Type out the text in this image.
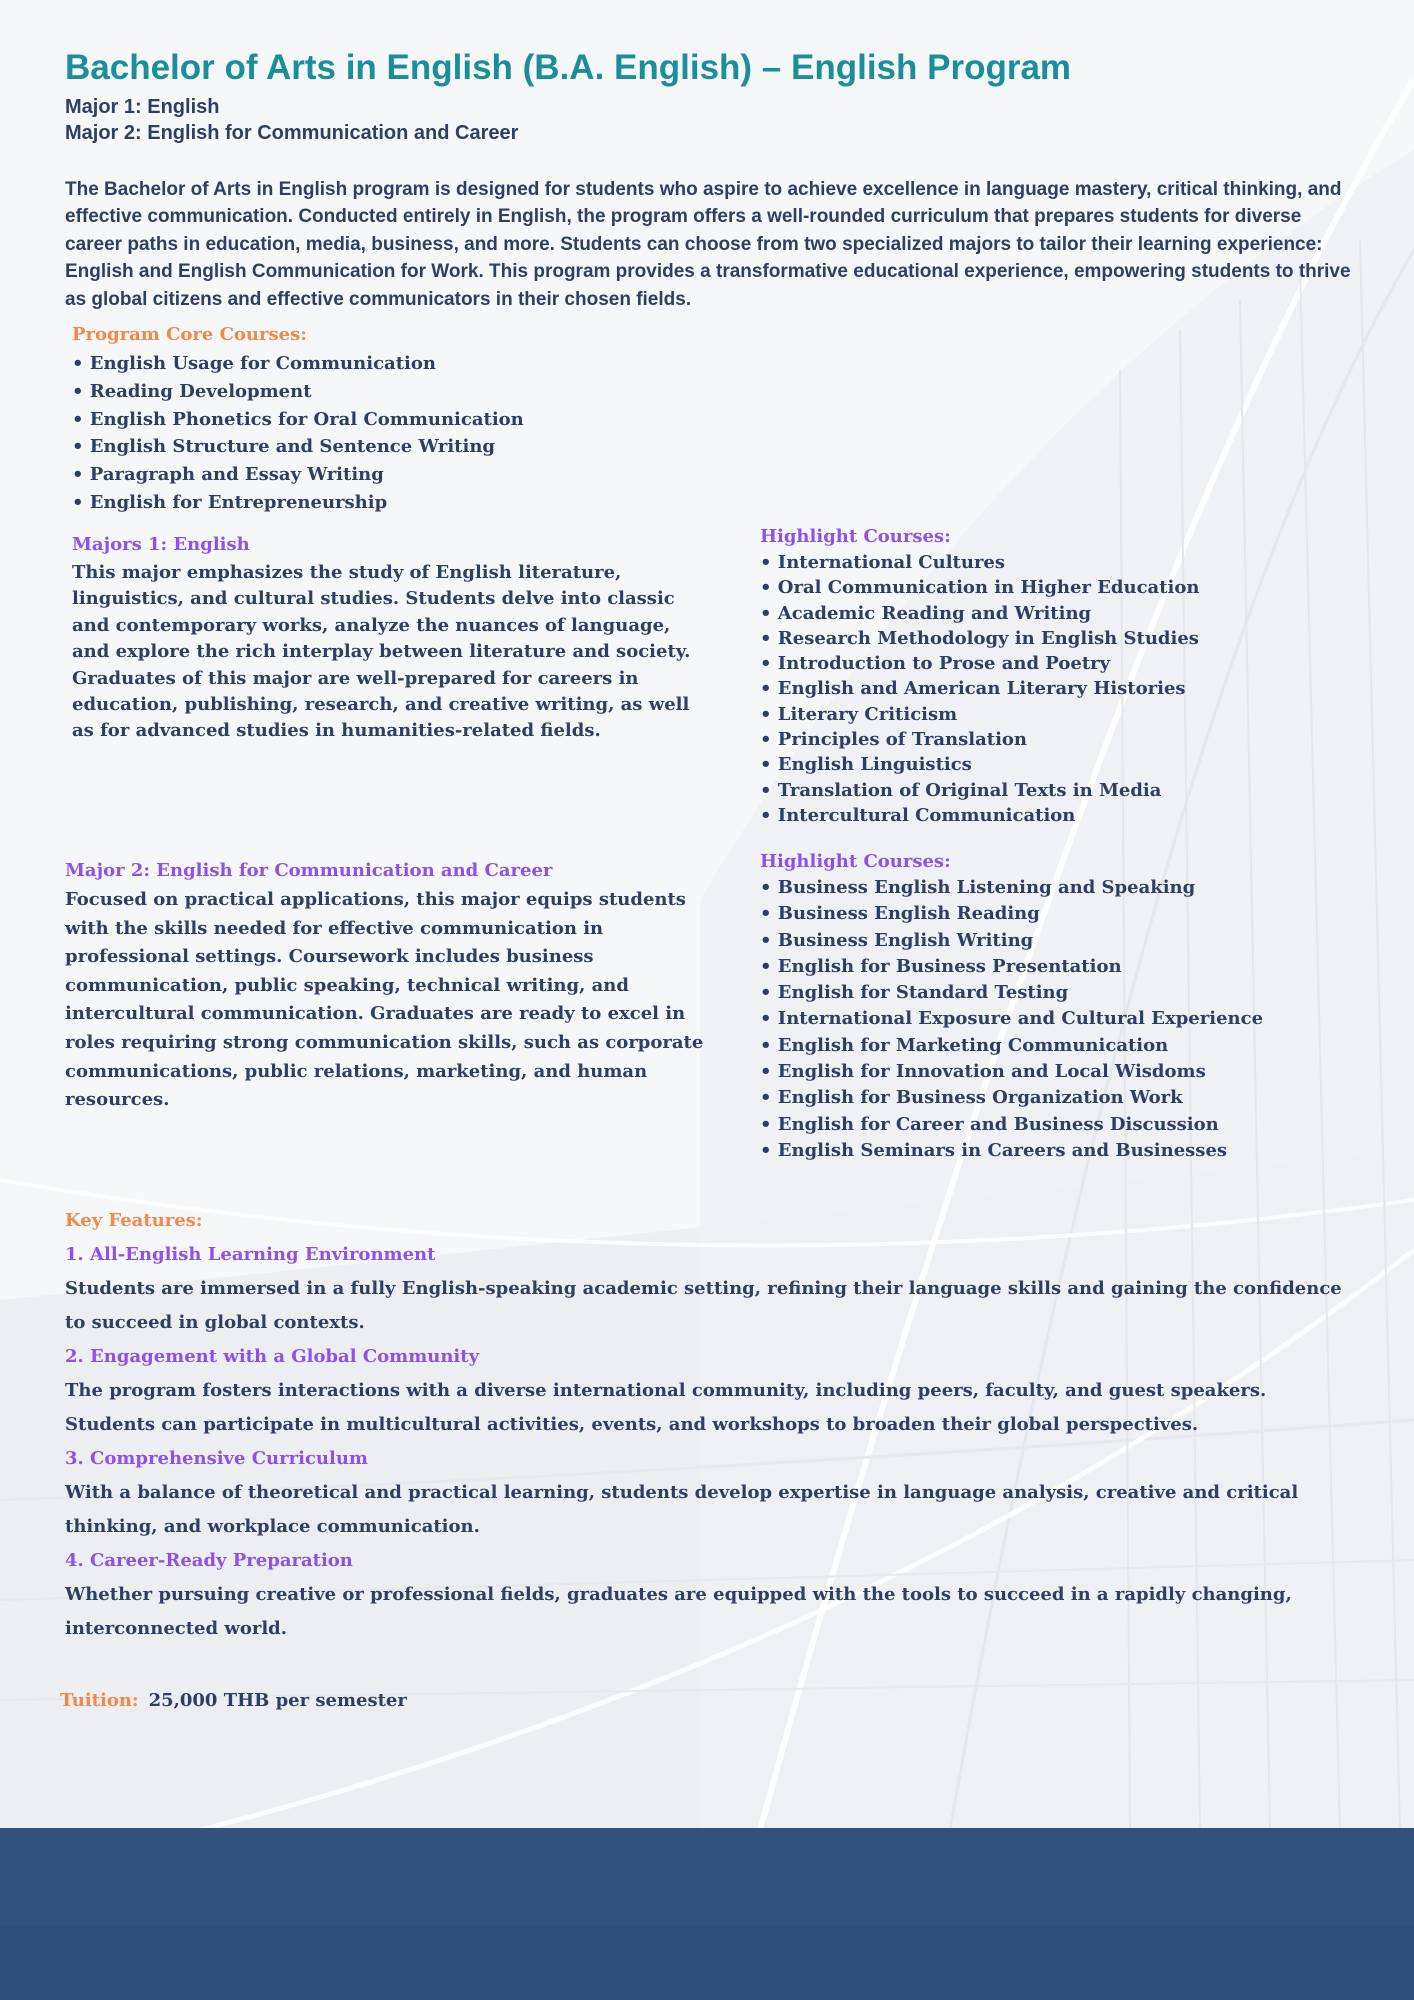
Bachelor of Arts in English (B.A. English) – English Program
Major 1: English
Major 2: English for Communication and Career

The Bachelor of Arts in English program is designed for students who aspire to achieve excellence in language mastery, critical thinking, and effective communication. Conducted entirely in English, the program offers a well-rounded curriculum that prepares students for diverse career paths in education, media, business, and more. Students can choose from two specialized majors to tailor their learning experience: English and English Communication for Work. This program provides a transformative educational experience, empowering students to thrive as global citizens and effective communicators in their chosen fields.

Program Core Courses:
• English Usage for Communication
• Reading Development
• English Phonetics for Oral Communication
• English Structure and Sentence Writing
• Paragraph and Essay Writing
• English for Entrepreneurship
Majors 1: English

This major emphasizes the study of English literature, linguistics, and cultural studies. Students delve into classic and contemporary works, analyze the nuances of language, and explore the rich interplay between literature and society. Graduates of this major are well-prepared for careers in education, publishing, research, and creative writing, as well as for advanced studies in humanities-related fields.

Highlight Courses:
• International Cultures
• Oral Communication in Higher Education
• Academic Reading and Writing
• Research Methodology in English Studies
• Introduction to Prose and Poetry
• English and American Literary Histories
• Literary Criticism
• Principles of Translation
• English Linguistics
• Translation of Original Texts in Media
• Intercultural Communication
Major 2: English for Communication and Career

Focused on practical applications, this major equips students with the skills needed for effective communication in professional settings. Coursework includes business communication, public speaking, technical writing, and intercultural communication. Graduates are ready to excel in roles requiring strong communication skills, such as corporate communications, public relations, marketing, and human resources.

Highlight Courses:
• Business English Listening and Speaking
• Business English Reading
• Business English Writing
• English for Business Presentation
• English for Standard Testing
• International Exposure and Cultural Experience
• English for Marketing Communication
• English for Innovation and Local Wisdoms
• English for Business Organization Work
• English for Career and Business Discussion
• English Seminars in Careers and Businesses

Key Features:

1. All-English Learning Environment

Students are immersed in a fully English-speaking academic setting, refining their language skills and gaining the confidence to succeed in global contexts.

2. Engagement with a Global Community

The program fosters interactions with a diverse international community, including peers, faculty, and guest speakers. Students can participate in multicultural activities, events, and workshops to broaden their global perspectives.

3. Comprehensive Curriculum

With a balance of theoretical and practical learning, students develop expertise in language analysis, creative and critical thinking, and workplace communication.

4. Career-Ready Preparation

Whether pursuing creative or professional fields, graduates are equipped with the tools to succeed in a rapidly changing, interconnected world.

Tuition: 25,000 THB per semester
